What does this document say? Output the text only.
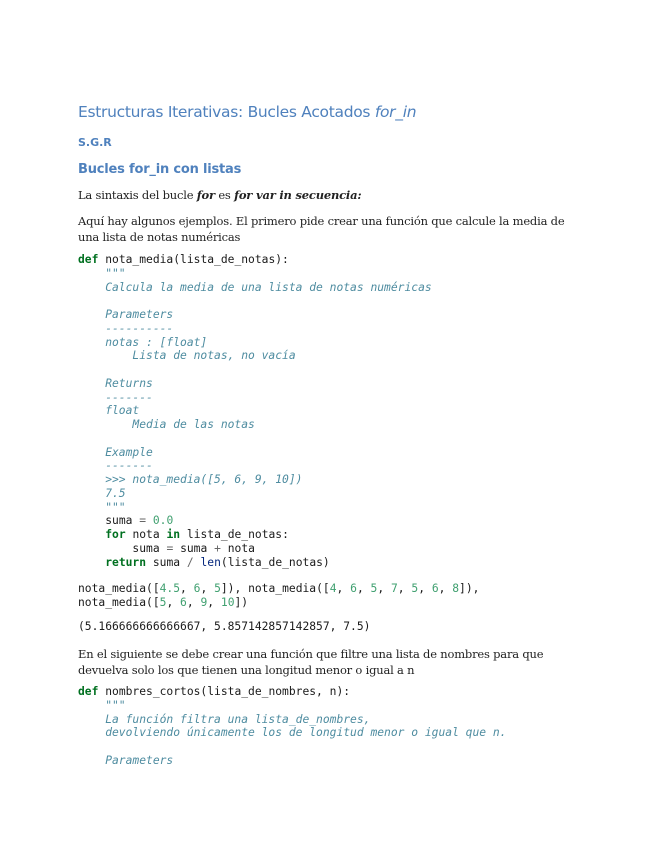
Estructuras Iterativas: Bucles Acotados for_in
S.G.R
Bucles for_in con listas
La sintaxis del bucle for es for var in secuencia:
Aquí hay algunos ejemplos. El primero pide crear una función que calcule la media de una lista de notas numéricas
def nota_media(lista_de_notas):
"""
Calcula la media de una lista de notas numéricas

Parameters
----------
notas : [float]
Lista de notas, no vacía

Returns
-------
float
Media de las notas

Example
-------
>>> nota_media([5, 6, 9, 10])
7.5
"""
suma = 0.0
for nota in lista_de_notas:
suma = suma + nota
return suma / len(lista_de_notas)
nota_media([4.5, 6, 5]), nota_media([4, 6, 5, 7, 5, 6, 8]),
nota_media([5, 6, 9, 10])
(5.166666666666667, 5.857142857142857, 7.5)
En el siguiente se debe crear una función que filtre una lista de nombres para que devuelva solo los que tienen una longitud menor o igual a n
def nombres_cortos(lista_de_nombres, n):
"""
La función filtra una lista_de_nombres,
devolviendo únicamente los de longitud menor o igual que n.

Parameters
